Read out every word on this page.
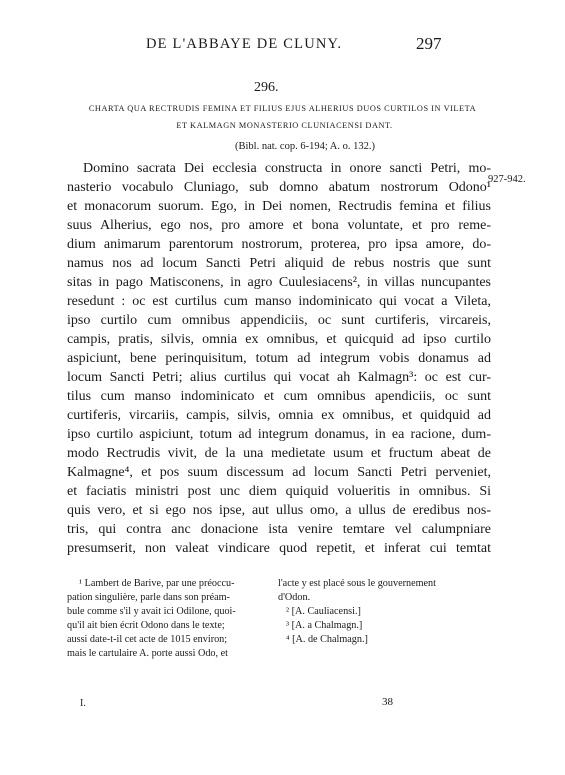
DE L'ABBAYE DE CLUNY.	297
296.
CHARTA QUA RECTRUDIS FEMINA ET FILIUS EJUS ALHERIUS DUOS CURTILOS IN VILETA
ET KALMAGN MONASTERIO CLUNIACENSI DANT.
(Bibl. nat. cop. 6-194; A. o. 132.)
927-942.
Domino sacrata Dei ecclesia constructa in onore sancti Petri, mo-
nasterio vocabulo Cluniago, sub domno abatum nostrorum Odono¹
et monacorum suorum. Ego, in Dei nomen, Rectrudis femina et filius
suus Alherius, ego nos, pro amore et bona voluntate, et pro reme-
dium animarum parentorum nostrorum, proterea, pro ipsa amore, do-
namus nos ad locum Sancti Petri aliquid de rebus nostris que sunt
sitas in pago Matisconens, in agro Cuulesiacens², in villas nuncupantes
resedunt : oc est curtilus cum manso indominicato qui vocat a Vileta,
ipso curtilo cum omnibus appendiciis, oc sunt curtiferis, vircareis,
campis, pratis, silvis, omnia ex omnibus, et quicquid ad ipso curtilo
aspiciunt, bene perinquisitum, totum ad integrum vobis donamus ad
locum Sancti Petri; alius curtilus qui vocat ah Kalmagn³: oc est cur-
tilus cum manso indominicato et cum omnibus apendiciis, oc sunt
curtiferis, vircariis, campis, silvis, omnia ex omnibus, et quidquid ad
ipso curtilo aspiciunt, totum ad integrum donamus, in ea racione, dum-
modo Rectrudis vivit, de la una medietate usum et fructum abeat de
Kalmagne⁴, et pos suum discessum ad locum Sancti Petri perveniet,
et faciatis ministri post unc diem quiquid volueritis in omnibus. Si
quis vero, et si ego nos ipse, aut ullus omo, a ullus de eredibus nos-
tris, qui contra anc donacione ista venire temtare vel calumpniare
presumserit, non valeat vindicare quod repetit, et inferat cui temtat
¹ Lambert de Barive, par une préoccu-
pation singulière, parle dans son préam-
bule comme s'il y avait ici Odilone, quoi-
qu'il ait bien écrit Odono dans le texte;
aussi date-t-il cet acte de 1015 environ;
mais le cartulaire A. porte aussi Odo, et
l'acte y est placé sous le gouvernement
d'Odon.
² [A. Cauliacensi.]
³ [A. a Chalmagn.]
⁴ [A. de Chalmagn.]
I.	38
